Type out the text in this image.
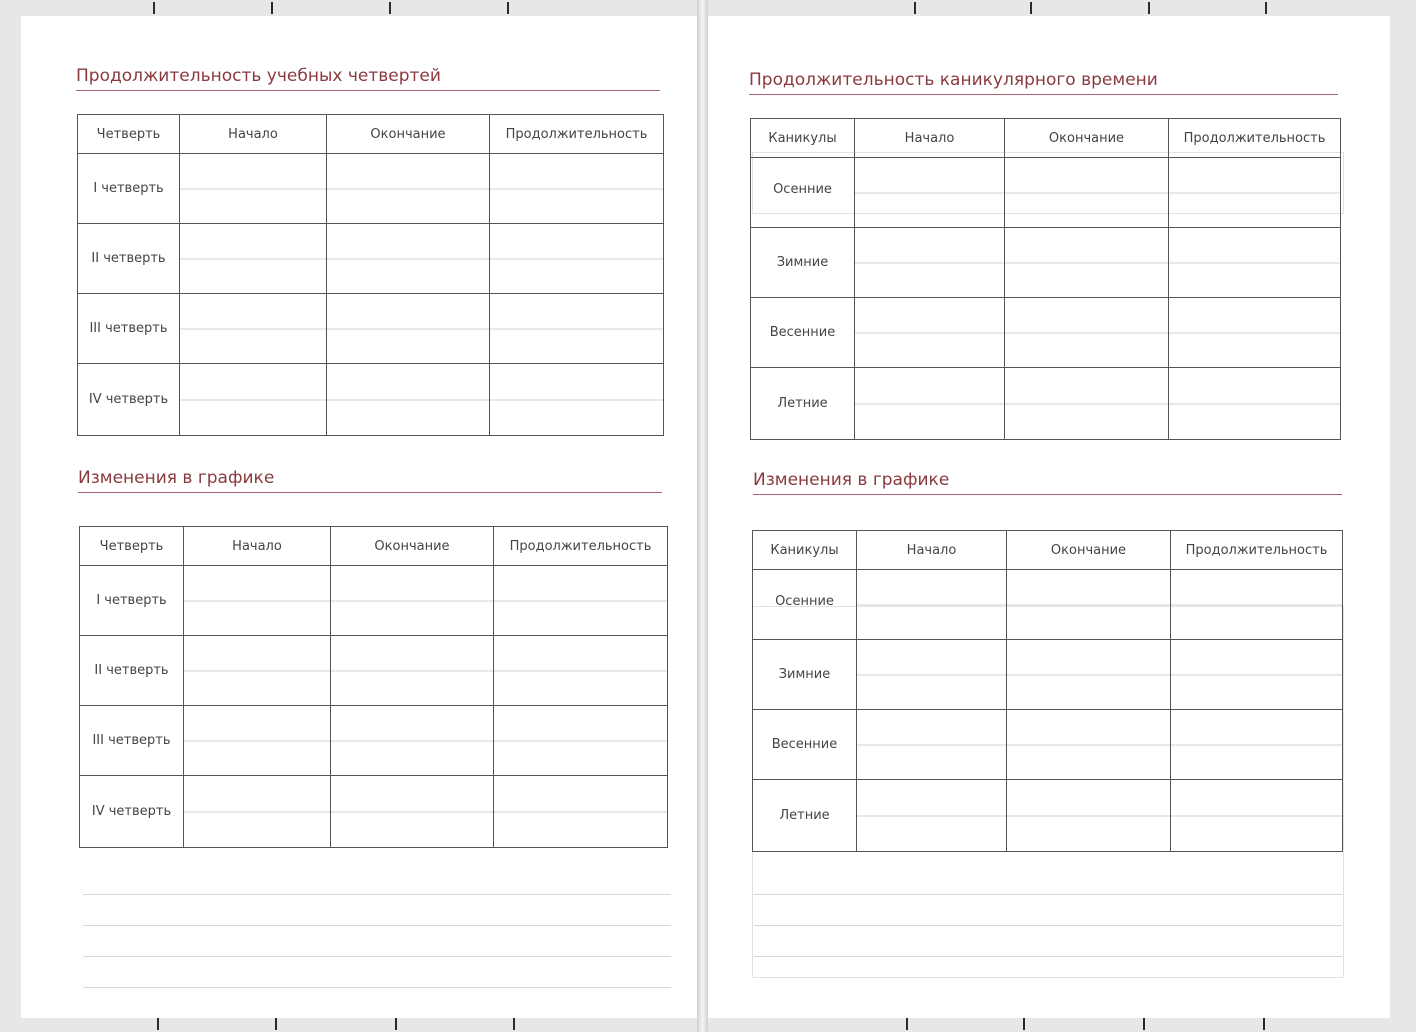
Продолжительность учебных четвертей
Четверть	Начало	Окончание	Продолжительность
I четверть			
II четверть			
III четверть			
IV четверть			
Изменения в графике
Четверть	Начало	Окончание	Продолжительность
I четверть			
II четверть			
III четверть			
IV четверть			
Продолжительность каникулярного времени
Каникулы	Начало	Окончание	Продолжительность
Осенние			
Зимние			
Весенние			
Летние			
Изменения в графике
Каникулы	Начало	Окончание	Продолжительность
Осенние			
Зимние			
Весенние			
Летние			
